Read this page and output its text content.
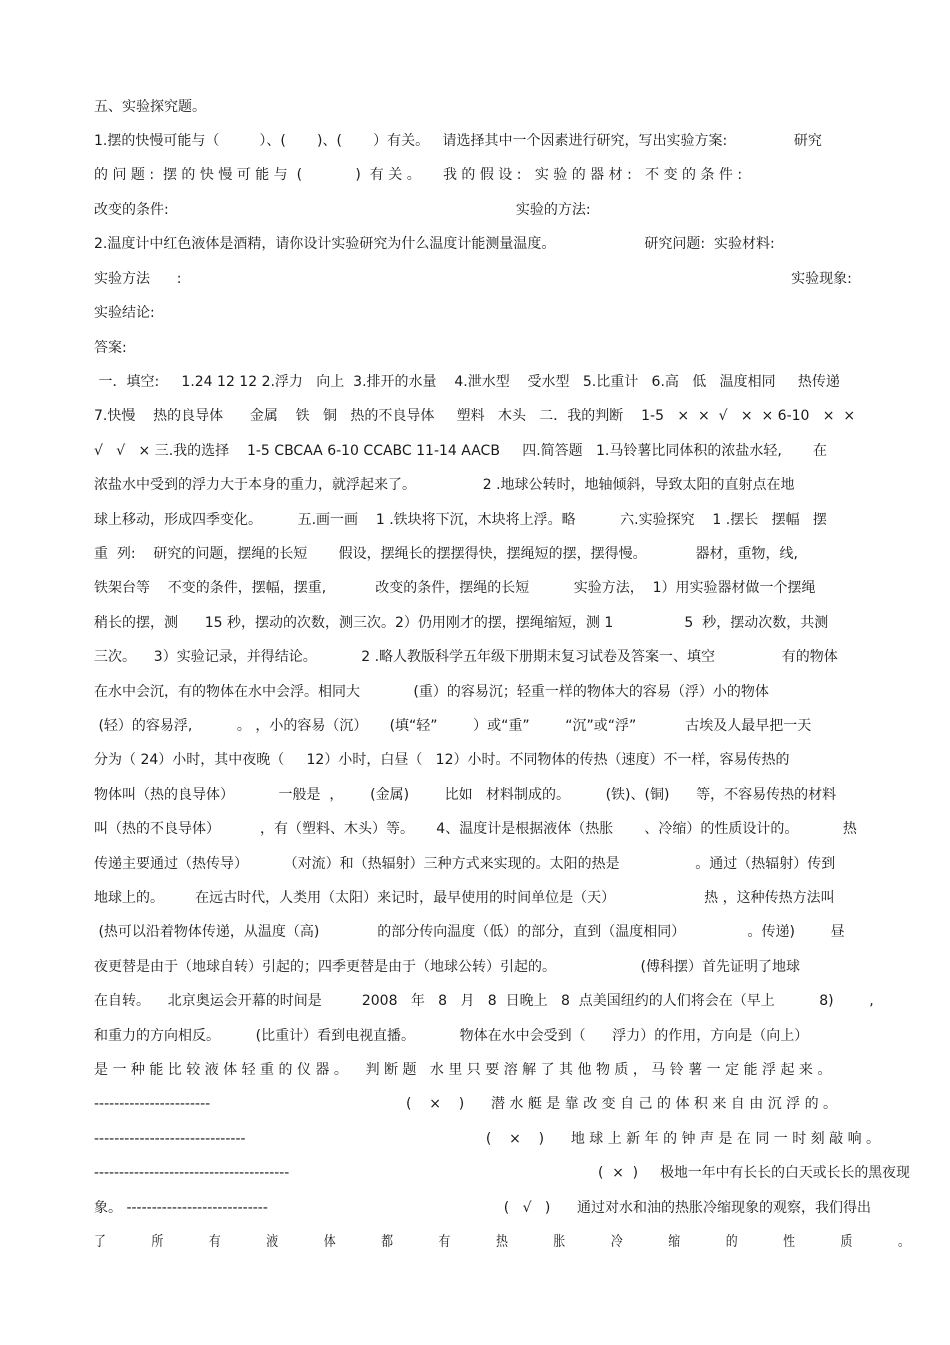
五、实验探究题。
1.摆的快慢可能与（         ）、(       )、(       ）有关。   请选择其中一个因素进行研究，写出实验方案:               研究
的 问 题 :  摆 的 快 慢 可 能 与  (            )  有 关 。     我 的 假 设 :   实 验 的 器 材 :   不 变 的 条 件 :
改变的条件:                                                                              实验的方法:
2.温度计中红色液体是酒精，请你设计实验研究为什么温度计能测量温度。                    研究问题:  实验材料:
实验方法      :                                                                                                                                         实验现象:
实验结论:
答案:
一．填空:     1.24 12 12 2.浮力   向上  3.排开的水量    4.泄水型    受水型   5.比重计   6.高   低   温度相同     热传递
7.快慢    热的良导体      金属    铁   铜   热的不良导体     塑料   木头   二．我的判断    1-5   ×  ×  √   ×  × 6-10   ×  ×
√   √   × 三.我的选择    1-5 CBCAA 6-10 CCABC 11-14 AACB     四.简答题   1.马铃薯比同体积的浓盐水轻,       在
浓盐水中受到的浮力大于本身的重力，就浮起来了。               2 .地球公转时，地轴倾斜，导致太阳的直射点在地
球上移动，形成四季变化。        五.画一画    1 .铁块将下沉，木块将上浮。略          六.实验探究    1 .摆长   摆幅   摆
重  列:    研究的问题，摆绳的长短       假设，摆绳长的摆摆得快，摆绳短的摆，摆得慢。           器材，重物，线,
铁架台等    不变的条件，摆幅，摆重,           改变的条件，摆绳的长短          实验方法，  1）用实验器材做一个摆绳
稍长的摆，测      15 秒，摆动的次数，测三次。2）仍用刚才的摆，摆绳缩短，测 1                5  秒，摆动次数，共测
三次。    3）实验记录，并得结论。          2 .略人教版科学五年级下册期末复习试卷及答案一、填空               有的物体
在水中会沉，有的物体在水中会浮。相同大            (重）的容易沉；轻重一样的物体大的容易（浮）小的物体
(轻）的容易浮,          。 ，小的容易（沉）     (填“轻”        ）或“重”        “沉”或“浮”           古埃及人最早把一天
分为（ 24）小时，其中夜晚（     12）小时，白昼（   12）小时。不同物体的传热（速度）不一样，容易传热的
物体叫（热的良导体）          一般是  ，      (金属)        比如   材料制成的。        (铁)、(铜)      等，不容易传热的材料
叫（热的不良导体）         ，有（塑料、木头）等。     4、温度计是根据液体（热胀       、冷缩）的性质设计的。          热
传递主要通过（热传导）        （对流）和（热辐射）三种方式来实现的。太阳的热是                 。通过（热辐射）传到
地球上的。       在远古时代，人类用（太阳）来记时，最早使用的时间单位是（天）                    热 ，这种传热方法叫
(热可以沿着物体传递，从温度（高)             的部分传向温度（低）的部分，直到（温度相同）              。传递)        昼
夜更替是由于（地球自转）引起的；四季更替是由于（地球公转）引起的。                   (傅科摆）首先证明了地球
在自转。    北京奥运会开幕的时间是         2008   年   8   月   8  日晚上   8  点美国纽约的人们将会在（早上          8)        ,
和重力的方向相反。        (比重计）看到电视直播。          物体在水中会受到（      浮力）的作用，方向是（向上）
是 一 种 能 比 较 液 体 轻 重 的 仪 器 。    判 断 题   水 里 只 要 溶 解 了 其 他 物 质 ， 马 铃 薯 一 定 能 浮 起 来 。
-----------------------                                            (    ×    )      潜 水 艇 是 靠 改 变 自 己 的 体 积 来 自 由 沉 浮 的 。
------------------------------                                                      (    ×    )      地 球 上 新 年 的 钟 声 是 在 同 一 时 刻 敲 响 。
---------------------------------------                                                                      (  ×  )     极地一年中有长长的白天或长长的黑夜现
象。 ----------------------------                                                     (   √   )      通过对水和油的热胀冷缩现象的观察，我们得出
了            所            有            液            体            都            有            热            胀            冷            缩            的            性            质            。
